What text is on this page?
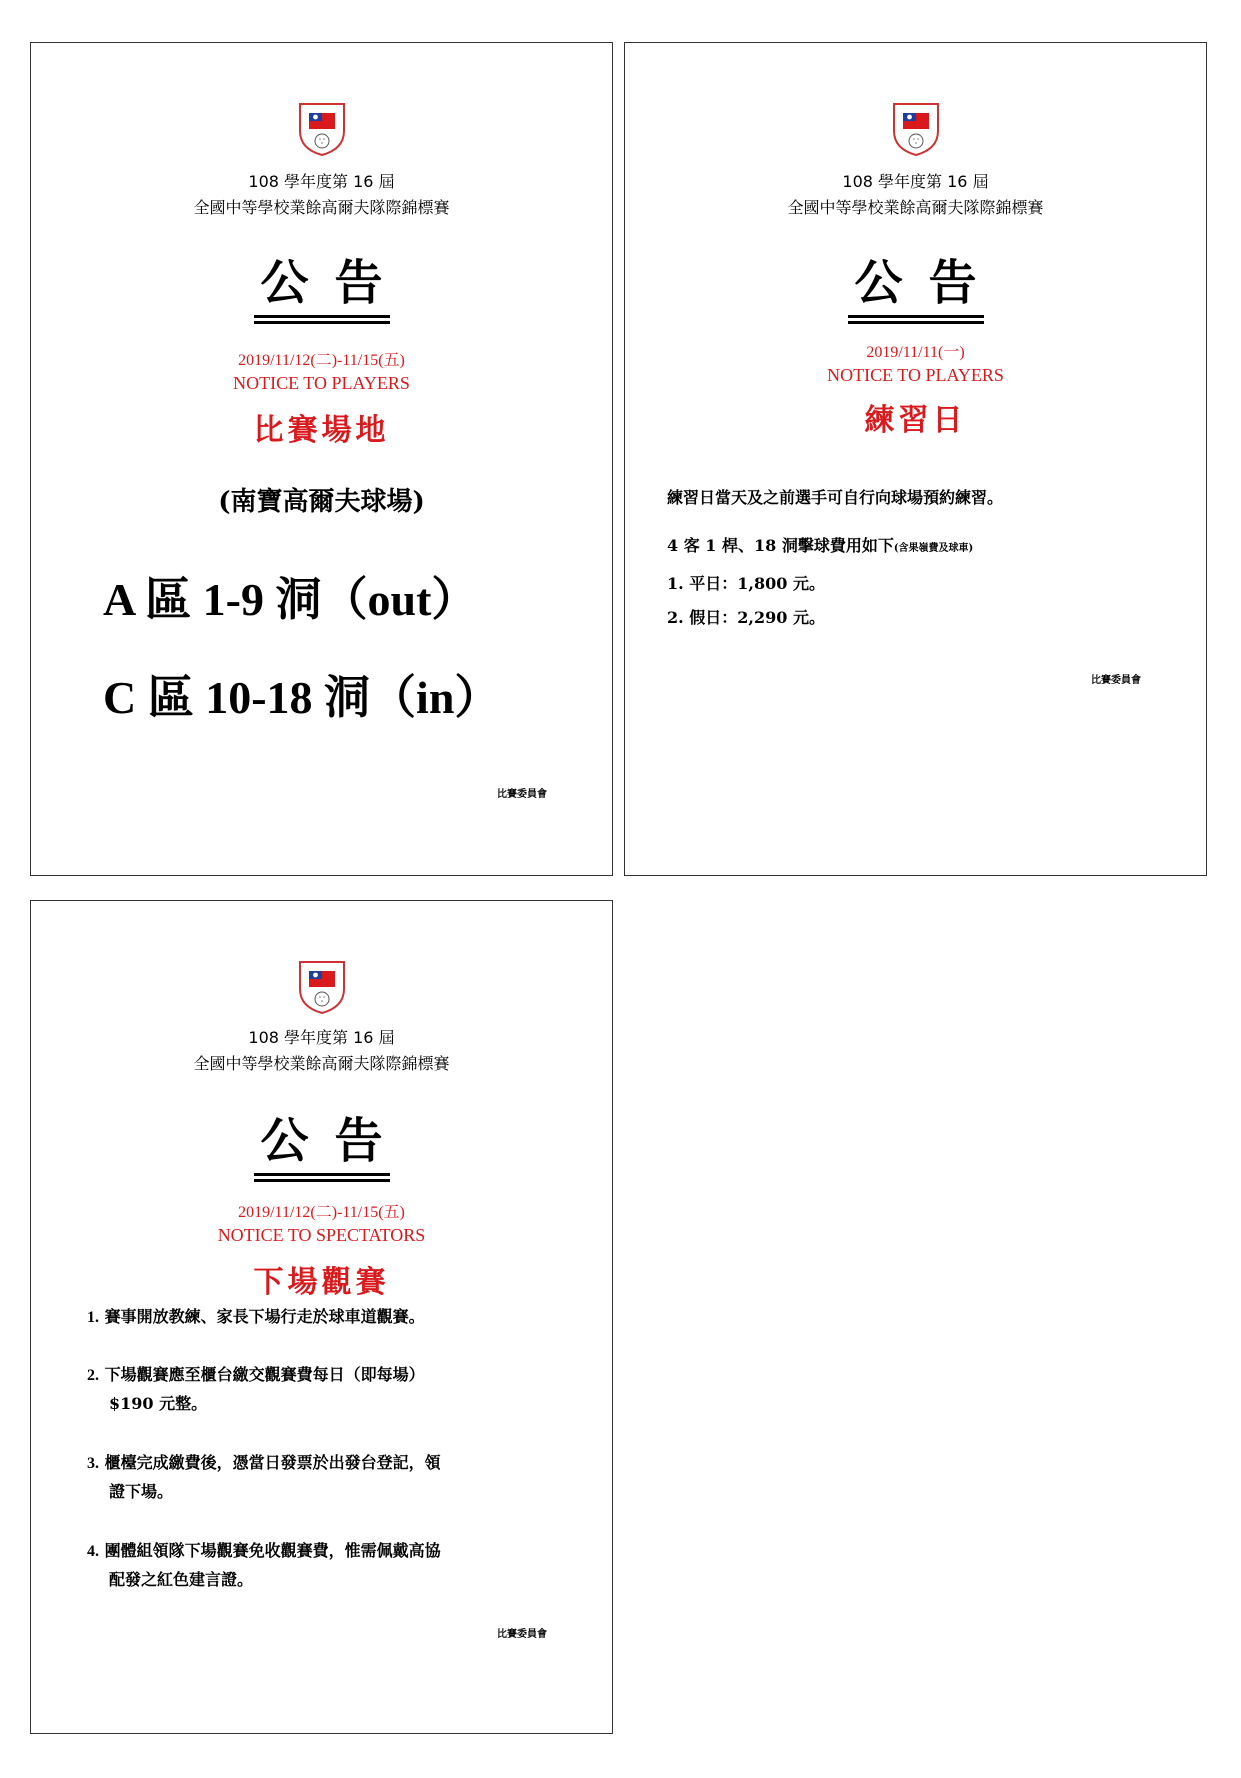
108 學年度第 16 屆
全國中等學校業餘高爾夫隊際錦標賽
公告
2019/11/12(二)-11/15(五)
NOTICE TO PLAYERS
比賽場地
(南寶高爾夫球場)
A 區 1-9 洞（out）
C 區 10-18 洞（in）
比賽委員會
108 學年度第 16 屆
全國中等學校業餘高爾夫隊際錦標賽
公告
2019/11/11(一)
NOTICE TO PLAYERS
練習日
練習日當天及之前選手可自行向球場預約練習。
4 客 1 桿、18 洞擊球費用如下(含果嶺費及球車)
1. 平日：1,800 元。
2. 假日：2,290 元。
比賽委員會
108 學年度第 16 屆
全國中等學校業餘高爾夫隊際錦標賽
公告
2019/11/12(二)-11/15(五)
NOTICE TO SPECTATORS
下場觀賽
1. 賽事開放教練、家長下場行走於球車道觀賽。
2. 下場觀賽應至櫃台繳交觀賽費每日（即每場）
$190 元整。
3. 櫃檯完成繳費後，憑當日發票於出發台登記，領
證下場。
4. 團體組領隊下場觀賽免收觀賽費，惟需佩戴高協
配發之紅色建言證。
比賽委員會
